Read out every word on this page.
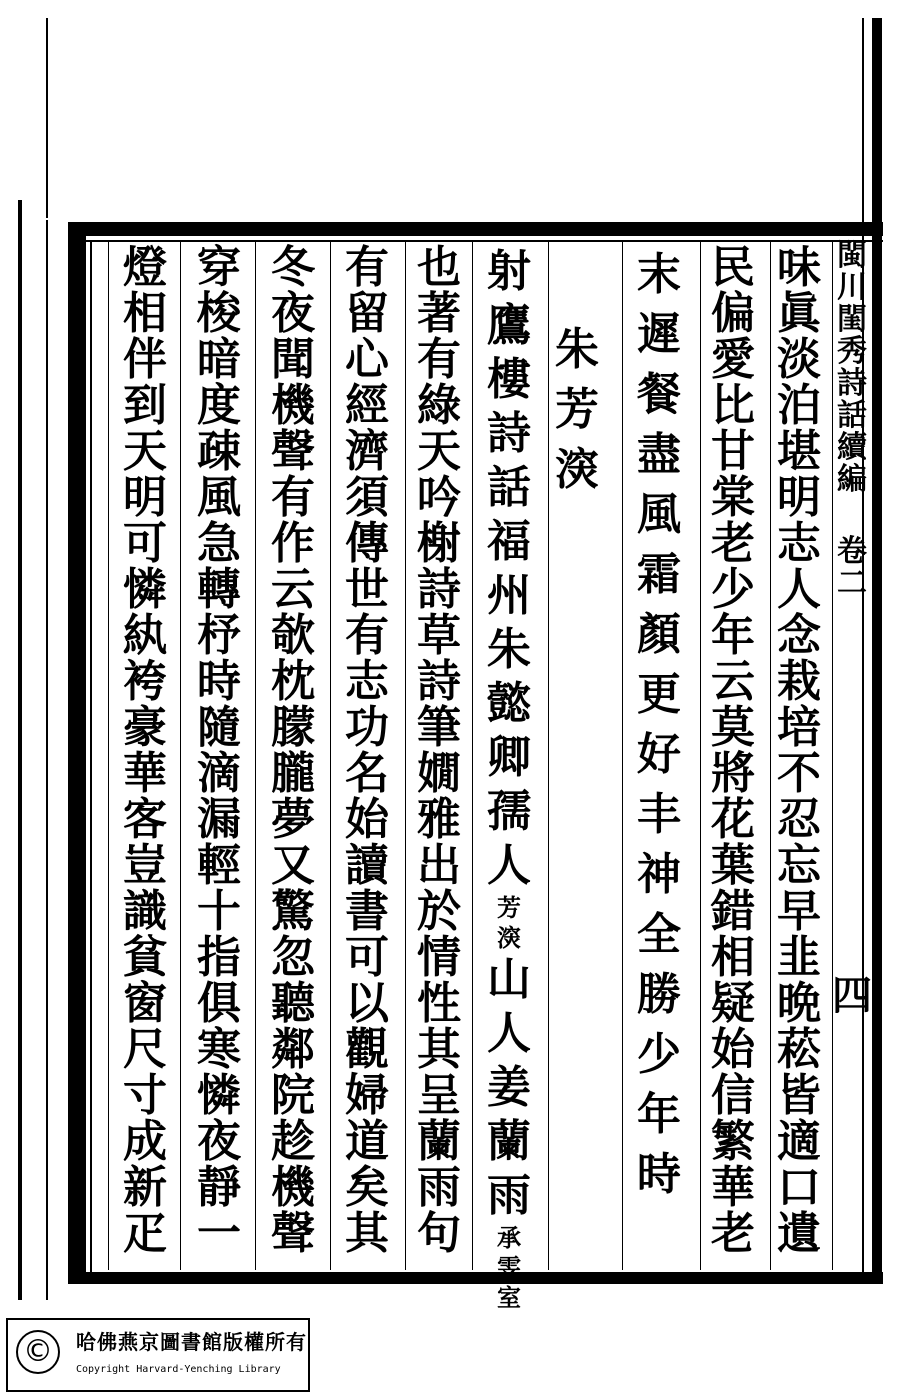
閩
川
閨
秀
詩
話
續
編
卷
二
四
味
眞
淡
泊
堪
明
志
人
念
栽
培
不
忍
忘
早
韭
晩
菘
皆
適
口
遺
民
偏
愛
比
甘
棠
老
少
年
云
莫
將
花
葉
錯
相
疑
始
信
繁
華
老
末
遲
餐
盡
風
霜
顏
更
好
丰
神
全
勝
少
年
時
朱
芳
㴱
射
鷹
樓
詩
話
福
州
朱
懿
卿
孺
人
芳
㴱
山
人
姜
蘭
雨
承
雯
室
也
著
有
綠
天
吟
榭
詩
草
詩
筆
嫺
雅
出
於
情
性
其
呈
蘭
雨
句
有
留
心
經
濟
須
傳
世
有
志
功
名
始
讀
書
可
以
觀
婦
道
矣
其
冬
夜
聞
機
聲
有
作
云
欹
枕
朦
朧
夢
又
驚
忽
聽
鄰
院
趁
機
聲
穿
梭
暗
度
疎
風
急
轉
杼
時
隨
滴
漏
輕
十
指
俱
寒
憐
夜
靜
一
燈
相
伴
到
天
明
可
憐
紈
袴
豪
華
客
豈
識
貧
窗
尺
寸
成
新
疋
©	哈佛燕京圖書館版權所有
Copyright Harvard-Yenching Library
